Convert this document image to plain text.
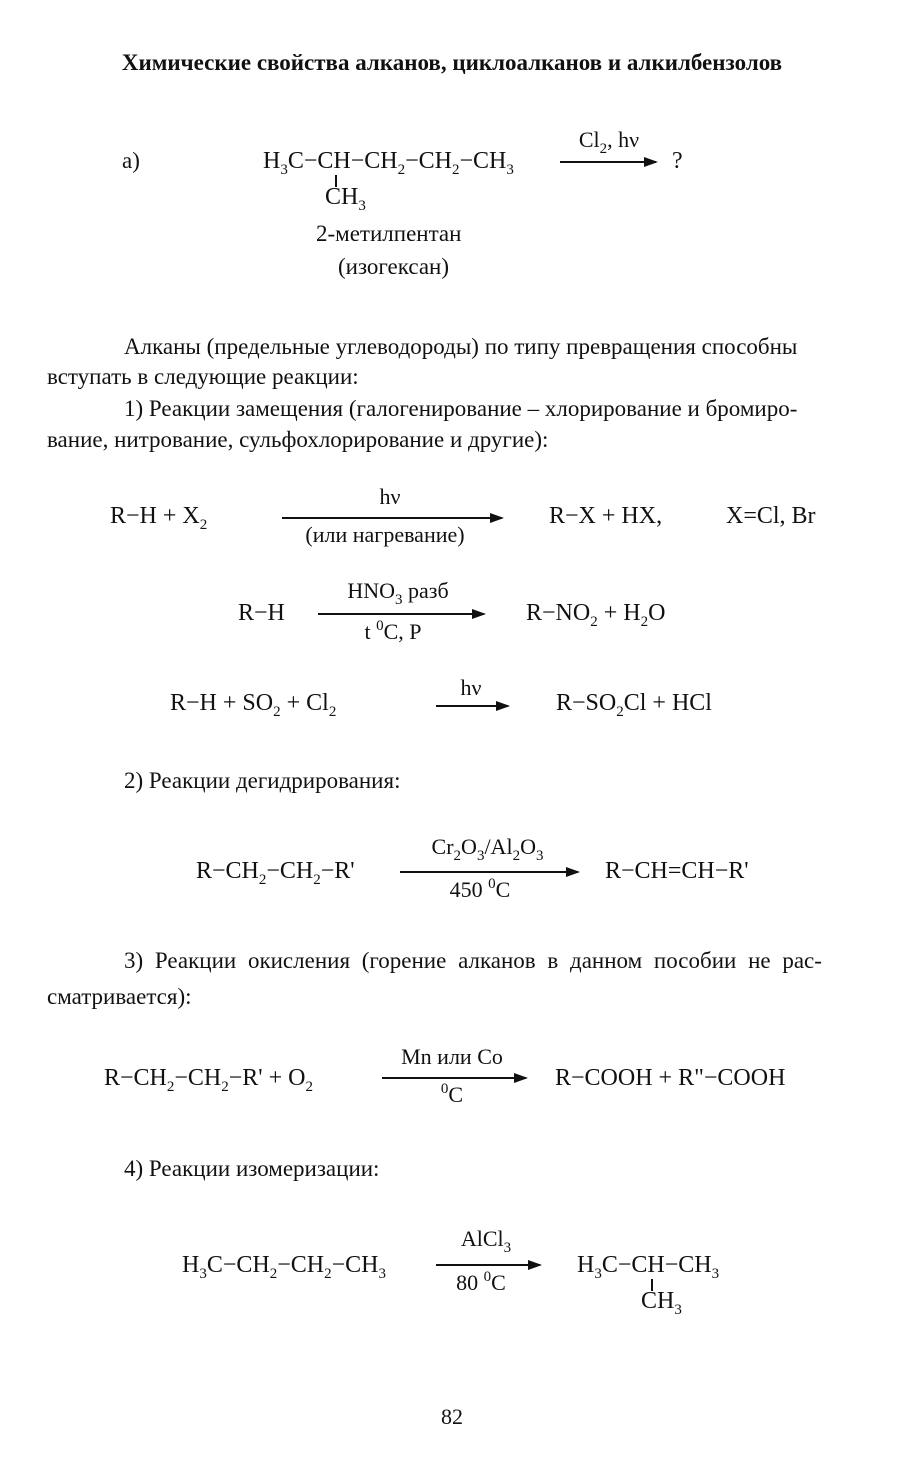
Химические свойства алканов, циклоалканов и алкилбензолов
а)	$H_3C-CH-CH_2-CH_2-CH_3$
$CH_3$
$Cl_2$, hν
?
2-метилпентан
(изогексан)
Алканы (предельные углеводороды) по типу превращения способны
вступать в следующие реакции:
1) Реакции замещения (галогенирование – хлорирование и бромиро-
вание, нитрование, сульфохлорирование и другие):
$R-H + X_2$
hν
(или нагревание)
R−X + HX,	X=Cl, Br
R−H
$HNO_3$ разб
t $^0$C, P
$R-NO_2 + H_2O$
$R-H + SO_2 + Cl_2$
hν
$R-SO_2Cl$ + HCl
2) Реакции дегидрирования:
$R-CH_2-CH_2-R'$
$Cr_2O_3/Al_2O_3$
450 $^0$C
R−CH=CH−R'
3) Реакции окисления (горение алканов в данном пособии не рас-
сматривается):
$R-CH_2-CH_2-R' + O_2$
Mn или Co
$^0$C
R−COOH + R"−COOH
4) Реакции изомеризации:
$H_3C-CH_2-CH_2-CH_3$
AlCl$_3$
80 $^0$C
$H_3C-CH-CH_3$
$CH_3$
82
